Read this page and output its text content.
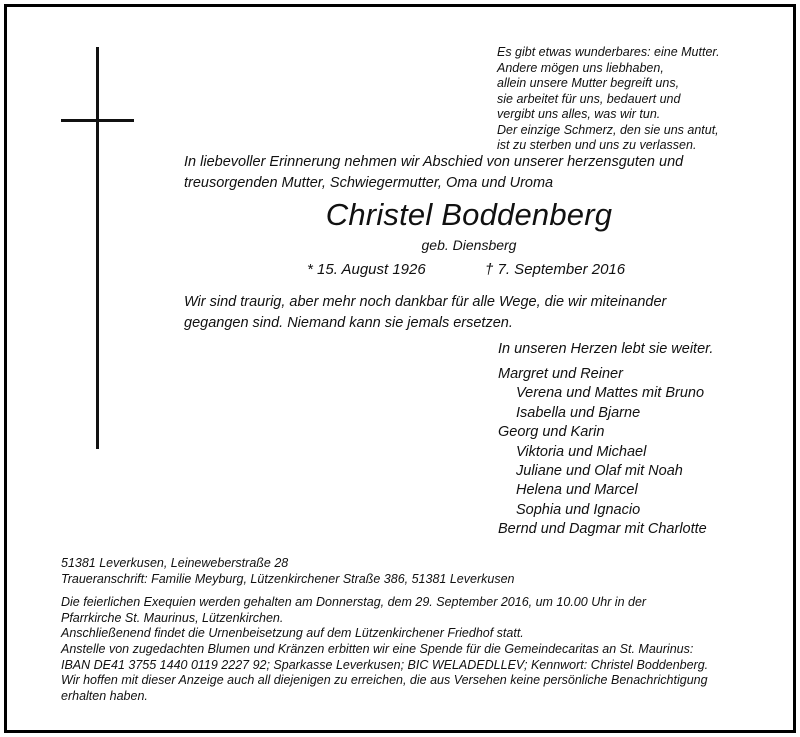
Es gibt etwas wunderbares: eine Mutter.
Andere mögen uns liebhaben,
allein unsere Mutter begreift uns,
sie arbeitet für uns, bedauert und
vergibt uns alles, was wir tun.
Der einzige Schmerz, den sie uns antut,
ist zu sterben und uns zu verlassen.
In liebevoller Erinnerung nehmen wir Abschied von unserer herzensguten und
treusorgenden Mutter, Schwiegermutter, Oma und Uroma
Christel Boddenberg
geb. Diensberg
* 15. August 1926	† 7. September 2016
Wir sind traurig, aber mehr noch dankbar für alle Wege, die wir miteinander
gegangen sind. Niemand kann sie jemals ersetzen.
In unseren Herzen lebt sie weiter.
Margret und Reiner
Verena und Mattes mit Bruno
Isabella und Bjarne
Georg und Karin
Viktoria und Michael
Juliane und Olaf mit Noah
Helena und Marcel
Sophia und Ignacio
Bernd und Dagmar mit Charlotte
51381 Leverkusen, Leineweberstraße 28
Traueranschrift: Familie Meyburg, Lützenkirchener Straße 386, 51381 Leverkusen
Die feierlichen Exequien werden gehalten am Donnerstag, dem 29. September 2016, um 10.00 Uhr in der
Pfarrkirche St. Maurinus, Lützenkirchen.
Anschließenend findet die Urnenbeisetzung auf dem Lützenkirchener Friedhof statt.
Anstelle von zugedachten Blumen und Kränzen erbitten wir eine Spende für die Gemeindecaritas an St. Maurinus:
IBAN DE41 3755 1440 0119 2227 92; Sparkasse Leverkusen; BIC WELADEDLLEV; Kennwort: Christel Boddenberg.
Wir hoffen mit dieser Anzeige auch all diejenigen zu erreichen, die aus Versehen keine persönliche Benachrichtigung
erhalten haben.
